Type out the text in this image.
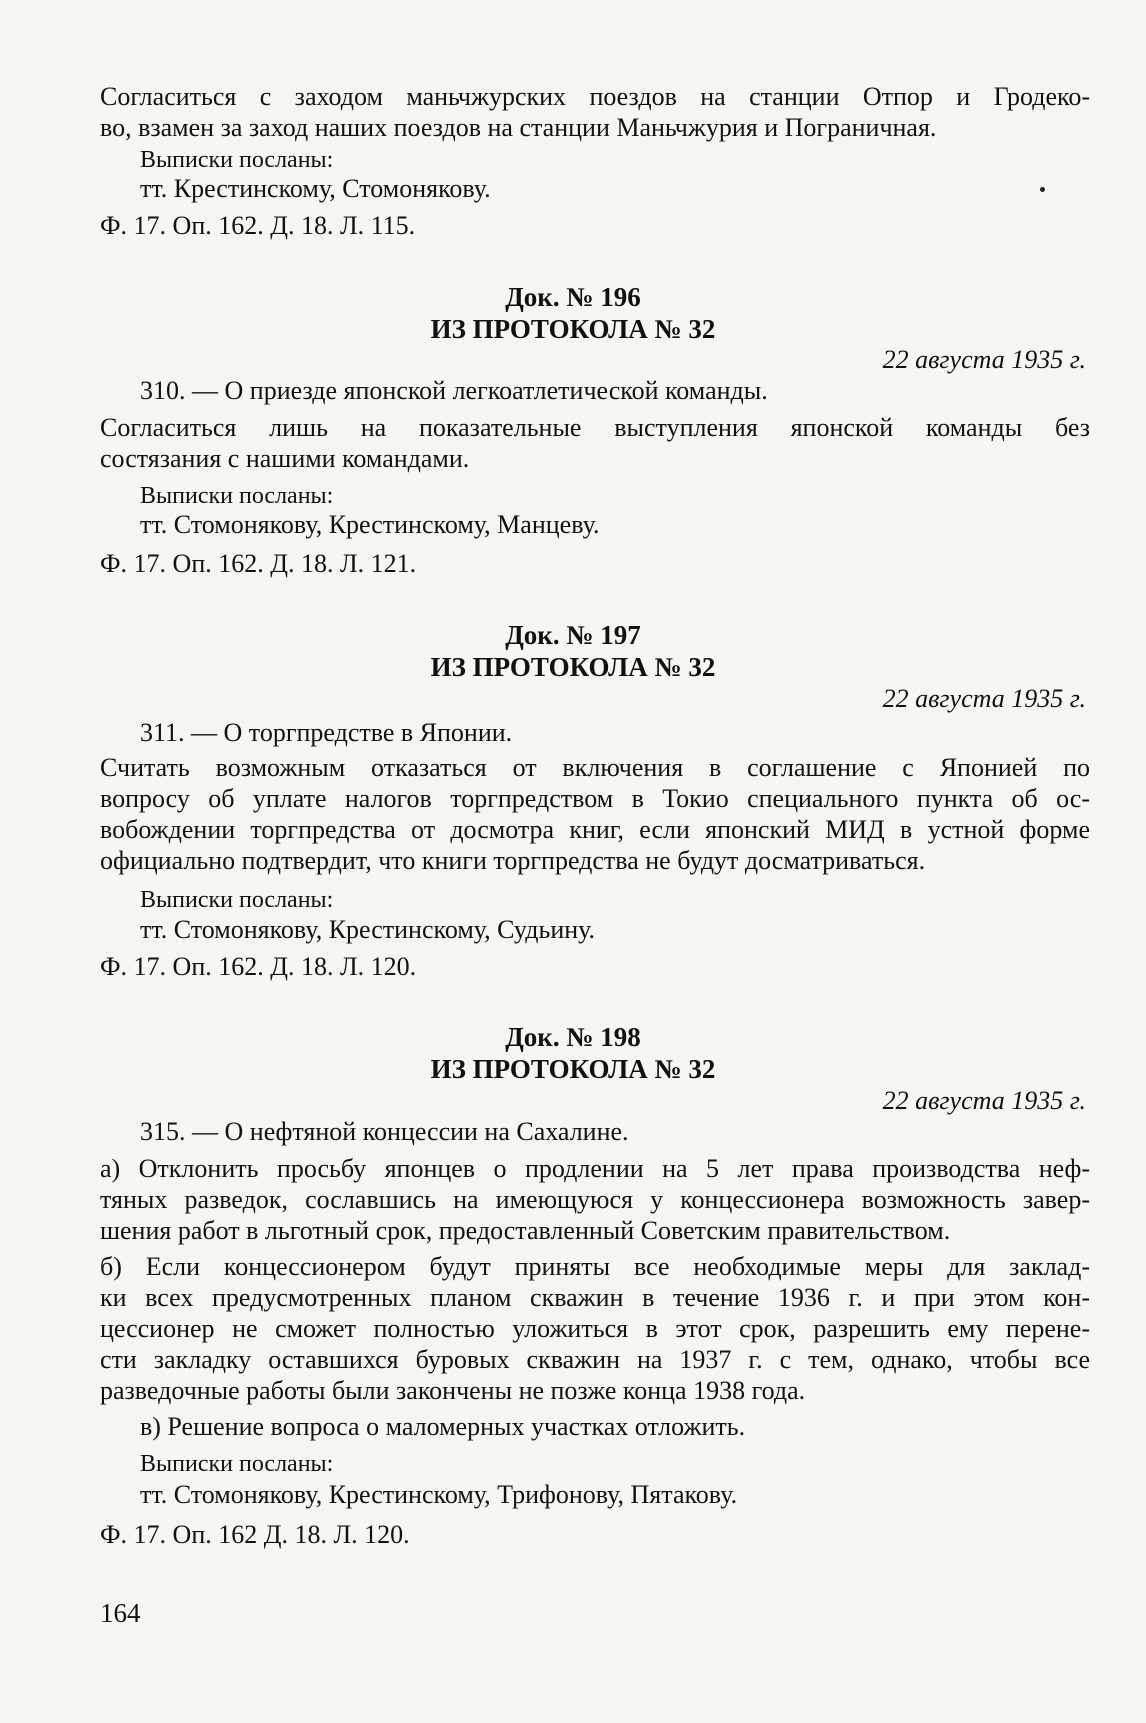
Согласиться с заходом маньчжурских поездов на станции Отпор и Гродеко-
во, взамен за заход наших поездов на станции Маньчжурия и Пограничная.
Выписки посланы:
тт. Крестинскому, Стомонякову.
Ф. 17. Оп. 162. Д. 18. Л. 115.
Док. № 196
ИЗ ПРОТОКОЛА № 32
22 августа 1935 г.
310. — О приезде японской легкоатлетической команды.
Согласиться лишь на показательные выступления японской команды без
состязания с нашими командами.
Выписки посланы:
тт. Стомонякову, Крестинскому, Манцеву.
Ф. 17. Оп. 162. Д. 18. Л. 121.
Док. № 197
ИЗ ПРОТОКОЛА № 32
22 августа 1935 г.
311. — О торгпредстве в Японии.
Считать возможным отказаться от включения в соглашение с Японией по
вопросу об уплате налогов торгпредством в Токио специального пункта об ос-
вобождении торгпредства от досмотра книг, если японский МИД в устной форме
официально подтвердит, что книги торгпредства не будут досматриваться.
Выписки посланы:
тт. Стомонякову, Крестинскому, Судьину.
Ф. 17. Оп. 162. Д. 18. Л. 120.
Док. № 198
ИЗ ПРОТОКОЛА № 32
22 августа 1935 г.
315. — О нефтяной концессии на Сахалине.
а) Отклонить просьбу японцев о продлении на 5 лет права производства неф-
тяных разведок, сославшись на имеющуюся у концессионера возможность завер-
шения работ в льготный срок, предоставленный Советским правительством.
б) Если концессионером будут приняты все необходимые меры для заклад-
ки всех предусмотренных планом скважин в течение 1936 г. и при этом кон-
цессионер не сможет полностью уложиться в этот срок, разрешить ему перене-
сти закладку оставшихся буровых скважин на 1937 г. с тем, однако, чтобы все
разведочные работы были закончены не позже конца 1938 года.
в) Решение вопроса о маломерных участках отложить.
Выписки посланы:
тт. Стомонякову, Крестинскому, Трифонову, Пятакову.
Ф. 17. Оп. 162 Д. 18. Л. 120.
164
